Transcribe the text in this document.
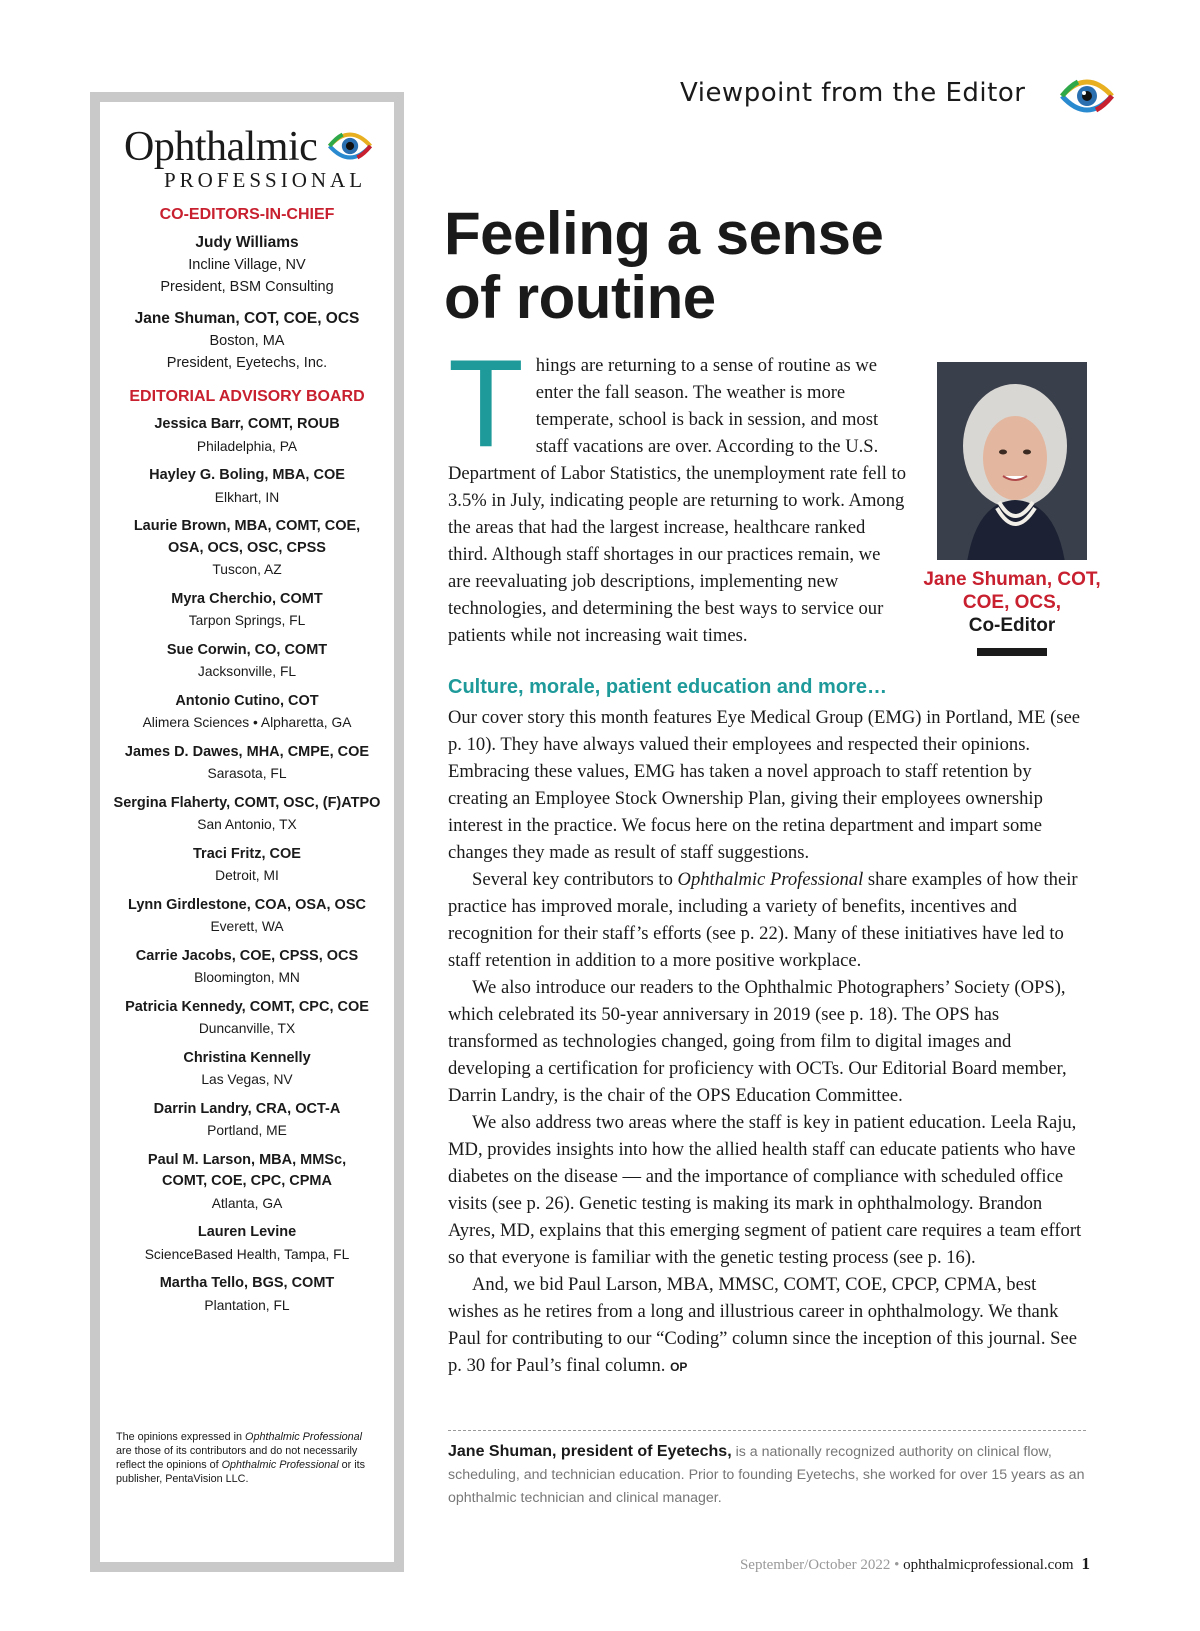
Viewpoint from the Editor
Ophthalmic
PROFESSIONAL
CO-EDITORS-IN-CHIEF
Judy Williams
Incline Village, NV
President, BSM Consulting
Jane Shuman, COT, COE, OCS
Boston, MA
President, Eyetechs, Inc.
EDITORIAL ADVISORY BOARD
Jessica Barr, COMT, ROUB
Philadelphia, PA
Hayley G. Boling, MBA, COE
Elkhart, IN
Laurie Brown, MBA, COMT, COE,
OSA, OCS, OSC, CPSS
Tuscon, AZ
Myra Cherchio, COMT
Tarpon Springs, FL
Sue Corwin, CO, COMT
Jacksonville, FL
Antonio Cutino, COT
Alimera Sciences • Alpharetta, GA
James D. Dawes, MHA, CMPE, COE
Sarasota, FL
Sergina Flaherty, COMT, OSC, (F)ATPO
San Antonio, TX
Traci Fritz, COE
Detroit, MI
Lynn Girdlestone, COA, OSA, OSC
Everett, WA
Carrie Jacobs, COE, CPSS, OCS
Bloomington, MN
Patricia Kennedy, COMT, CPC, COE
Duncanville, TX
Christina Kennelly
Las Vegas, NV
Darrin Landry, CRA, OCT-A
Portland, ME
Paul M. Larson, MBA, MMSc,
COMT, COE, CPC, CPMA
Atlanta, GA
Lauren Levine
ScienceBased Health, Tampa, FL
Martha Tello, BGS, COMT
Plantation, FL
The opinions expressed in Ophthalmic Professional are those of its contributors and do not necessarily reflect the opinions of Ophthalmic Professional or its publisher, PentaVision LLC.
Feeling a sense
of routine
T hings are returning to a sense of routine as we enter the fall season. The weather is more temperate, school is back in session, and most staff vacations are over. According to the U.S. Department of Labor Statistics, the unemployment rate fell to 3.5% in July, indicating people are returning to work. Among the areas that had the largest increase, healthcare ranked third. Although staff shortages in our practices remain, we are reevaluating job descriptions, implementing new technologies, and determining the best ways to service our patients while not increasing wait times.

Jane Shuman, COT, COE, OCS,
Co-Editor
Culture, morale, patient education and more…

Our cover story this month features Eye Medical Group (EMG) in Portland, ME (see p. 10). They have always valued their employees and respected their opinions. Embracing these values, EMG has taken a novel approach to staff retention by creating an Employee Stock Ownership Plan, giving their employees ownership interest in the practice. We focus here on the retina department and impart some changes they made as result of staff suggestions.

Several key contributors to Ophthalmic Professional share examples of how their practice has improved morale, including a variety of benefits, incentives and recognition for their staff’s efforts (see p. 22). Many of these initiatives have led to staff retention in addition to a more positive workplace.

We also introduce our readers to the Ophthalmic Photographers’ Society (OPS), which celebrated its 50-year anniversary in 2019 (see p. 18). The OPS has transformed as technologies changed, going from film to digital images and developing a certification for proficiency with OCTs. Our Editorial Board member, Darrin Landry, is the chair of the OPS Education Committee.

We also address two areas where the staff is key in patient education. Leela Raju, MD, provides insights into how the allied health staff can educate patients who have diabetes on the disease — and the importance of compliance with scheduled office visits (see p. 26). Genetic testing is making its mark in ophthalmology. Brandon Ayres, MD, explains that this emerging segment of patient care requires a team effort so that everyone is familiar with the genetic testing process (see p. 16).

And, we bid Paul Larson, MBA, MMSC, COMT, COE, CPCP, CPMA, best wishes as he retires from a long and illustrious career in ophthalmology. We thank Paul for contributing to our “Coding” column since the inception of this journal. See p. 30 for Paul’s final column. OP

Jane Shuman, president of Eyetechs, is a nationally recognized authority on clinical flow, scheduling, and technician education. Prior to founding Eyetechs, she worked for over 15 years as an ophthalmic technician and clinical manager.
September/October 2022 • ophthalmicprofessional.com 1
